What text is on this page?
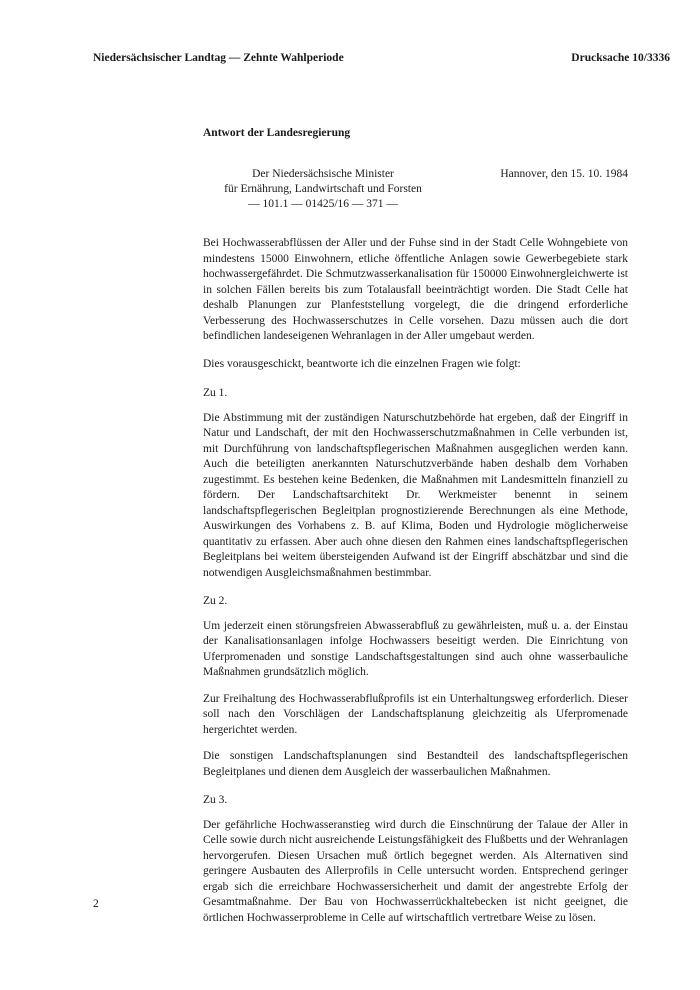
Niedersächsischer Landtag — Zehnte Wahlperiode	Drucksache 10/3336
Antwort der Landesregierung
Der Niedersächsische Minister
für Ernährung, Landwirtschaft und Forsten
— 101.1 — 01425/16 — 371 —
Hannover, den 15. 10. 1984

Bei Hochwasserabflüssen der Aller und der Fuhse sind in der Stadt Celle Wohngebiete von mindestens 15000 Einwohnern, etliche öffentliche Anlagen sowie Gewerbegebiete stark hochwassergefährdet. Die Schmutzwasserkanalisation für 150000 Einwohnergleichwerte ist in solchen Fällen bereits bis zum Totalausfall beeinträchtigt worden. Die Stadt Celle hat deshalb Planungen zur Planfeststellung vorgelegt, die die dringend erforderliche Verbesserung des Hochwasserschutzes in Celle vorsehen. Dazu müssen auch die dort befindlichen landeseigenen Wehranlagen in der Aller umgebaut werden.

Dies vorausgeschickt, beantworte ich die einzelnen Fragen wie folgt:

Zu 1.

Die Abstimmung mit der zuständigen Naturschutzbehörde hat ergeben, daß der Eingriff in Natur und Landschaft, der mit den Hochwasserschutzmaßnahmen in Celle verbunden ist, mit Durchführung von landschaftspflegerischen Maßnahmen ausgeglichen werden kann. Auch die beteiligten anerkannten Naturschutzverbände haben deshalb dem Vorhaben zugestimmt. Es bestehen keine Bedenken, die Maßnahmen mit Landesmitteln finanziell zu fördern. Der Landschaftsarchitekt Dr. Werkmeister benennt in seinem landschaftspflegerischen Begleitplan prognostizierende Berechnungen als eine Methode, Auswirkungen des Vorhabens z. B. auf Klima, Boden und Hydrologie möglicherweise quantitativ zu erfassen. Aber auch ohne diesen den Rahmen eines landschaftspflegerischen Begleitplans bei weitem übersteigenden Aufwand ist der Eingriff abschätzbar und sind die notwendigen Ausgleichsmaßnahmen bestimmbar.

Zu 2.

Um jederzeit einen störungsfreien Abwasserabfluß zu gewährleisten, muß u. a. der Einstau der Kanalisationsanlagen infolge Hochwassers beseitigt werden. Die Einrichtung von Uferpromenaden und sonstige Landschaftsgestaltungen sind auch ohne wasserbauliche Maßnahmen grundsätzlich möglich.

Zur Freihaltung des Hochwasserabflußprofils ist ein Unterhaltungsweg erforderlich. Dieser soll nach den Vorschlägen der Landschaftsplanung gleichzeitig als Uferpromenade hergerichtet werden.

Die sonstigen Landschaftsplanungen sind Bestandteil des landschaftspflegerischen Begleitplanes und dienen dem Ausgleich der wasserbaulichen Maßnahmen.

Zu 3.

Der gefährliche Hochwasseranstieg wird durch die Einschnürung der Talaue der Aller in Celle sowie durch nicht ausreichende Leistungsfähigkeit des Flußbetts und der Wehranlagen hervorgerufen. Diesen Ursachen muß örtlich begegnet werden. Als Alternativen sind geringere Ausbauten des Allerprofils in Celle untersucht worden. Entsprechend geringer ergab sich die erreichbare Hochwassersicherheit und damit der angestrebte Erfolg der Gesamtmaßnahme. Der Bau von Hochwasserrückhaltebecken ist nicht geeignet, die örtlichen Hochwasserprobleme in Celle auf wirtschaftlich vertretbare Weise zu lösen.

2
